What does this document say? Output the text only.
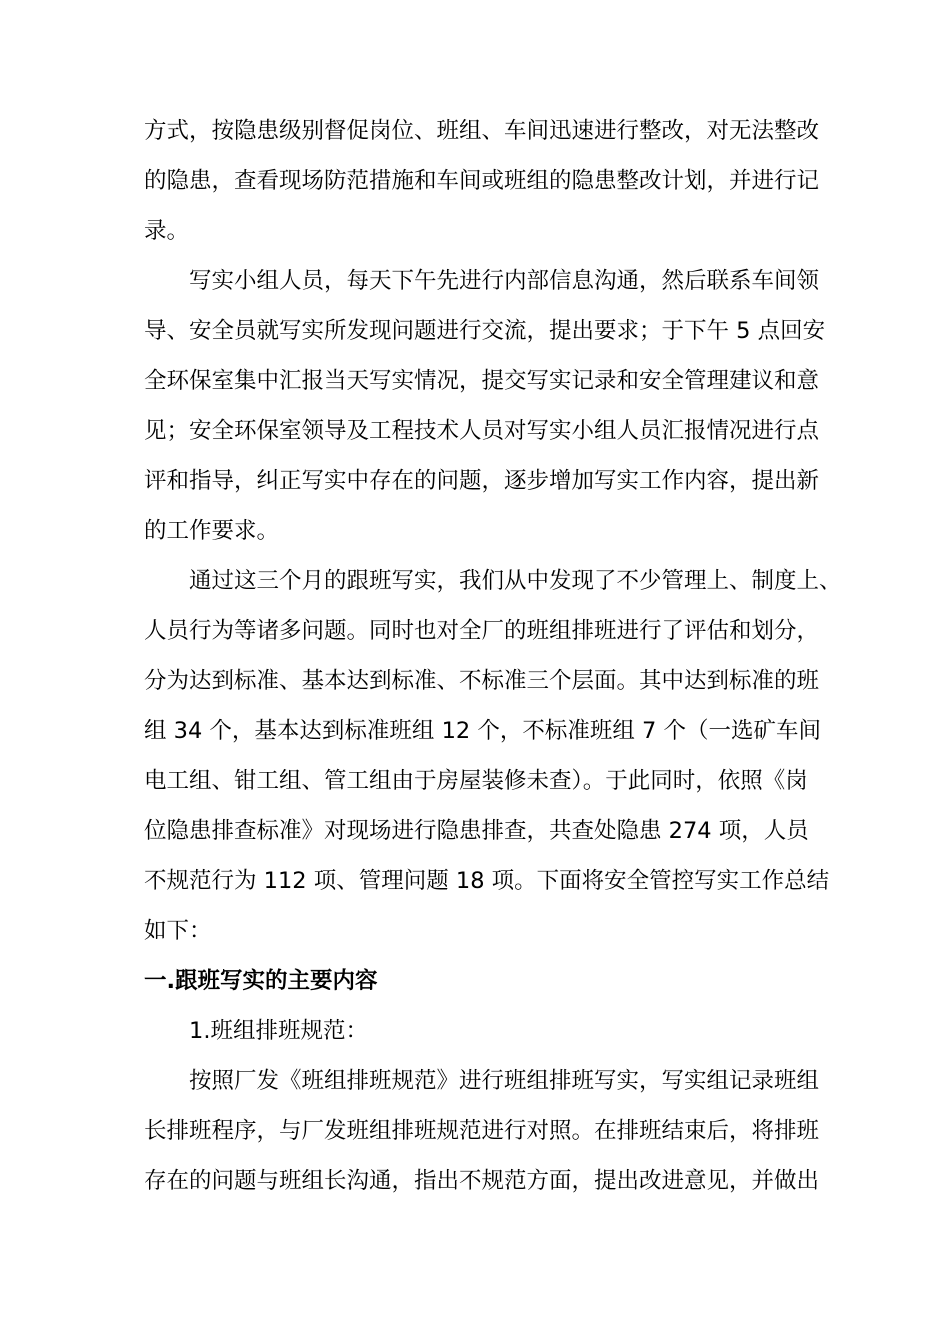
方式，按隐患级别督促岗位、班组、车间迅速进行整改，对无法整改
的隐患，查看现场防范措施和车间或班组的隐患整改计划，并进行记
录。

写实小组人员，每天下午先进行内部信息沟通，然后联系车间领
导、安全员就写实所发现问题进行交流，提出要求；于下午 5 点回安
全环保室集中汇报当天写实情况，提交写实记录和安全管理建议和意
见；安全环保室领导及工程技术人员对写实小组人员汇报情况进行点
评和指导，纠正写实中存在的问题，逐步增加写实工作内容，提出新
的工作要求。

通过这三个月的跟班写实，我们从中发现了不少管理上、制度上、
人员行为等诸多问题。同时也对全厂的班组排班进行了评估和划分，
分为达到标准、基本达到标准、不标准三个层面。其中达到标准的班
组 34 个，基本达到标准班组 12 个，不标准班组 7 个（一选矿车间
电工组、钳工组、管工组由于房屋装修未查）。于此同时，依照《岗
位隐患排查标准》对现场进行隐患排查，共查处隐患 274 项，人员
不规范行为 112 项、管理问题 18 项。下面将安全管控写实工作总结
如下：

一.跟班写实的主要内容

1.班组排班规范：

按照厂发《班组排班规范》进行班组排班写实，写实组记录班组
长排班程序，与厂发班组排班规范进行对照。在排班结束后，将排班
存在的问题与班组长沟通，指出不规范方面，提出改进意见，并做出
